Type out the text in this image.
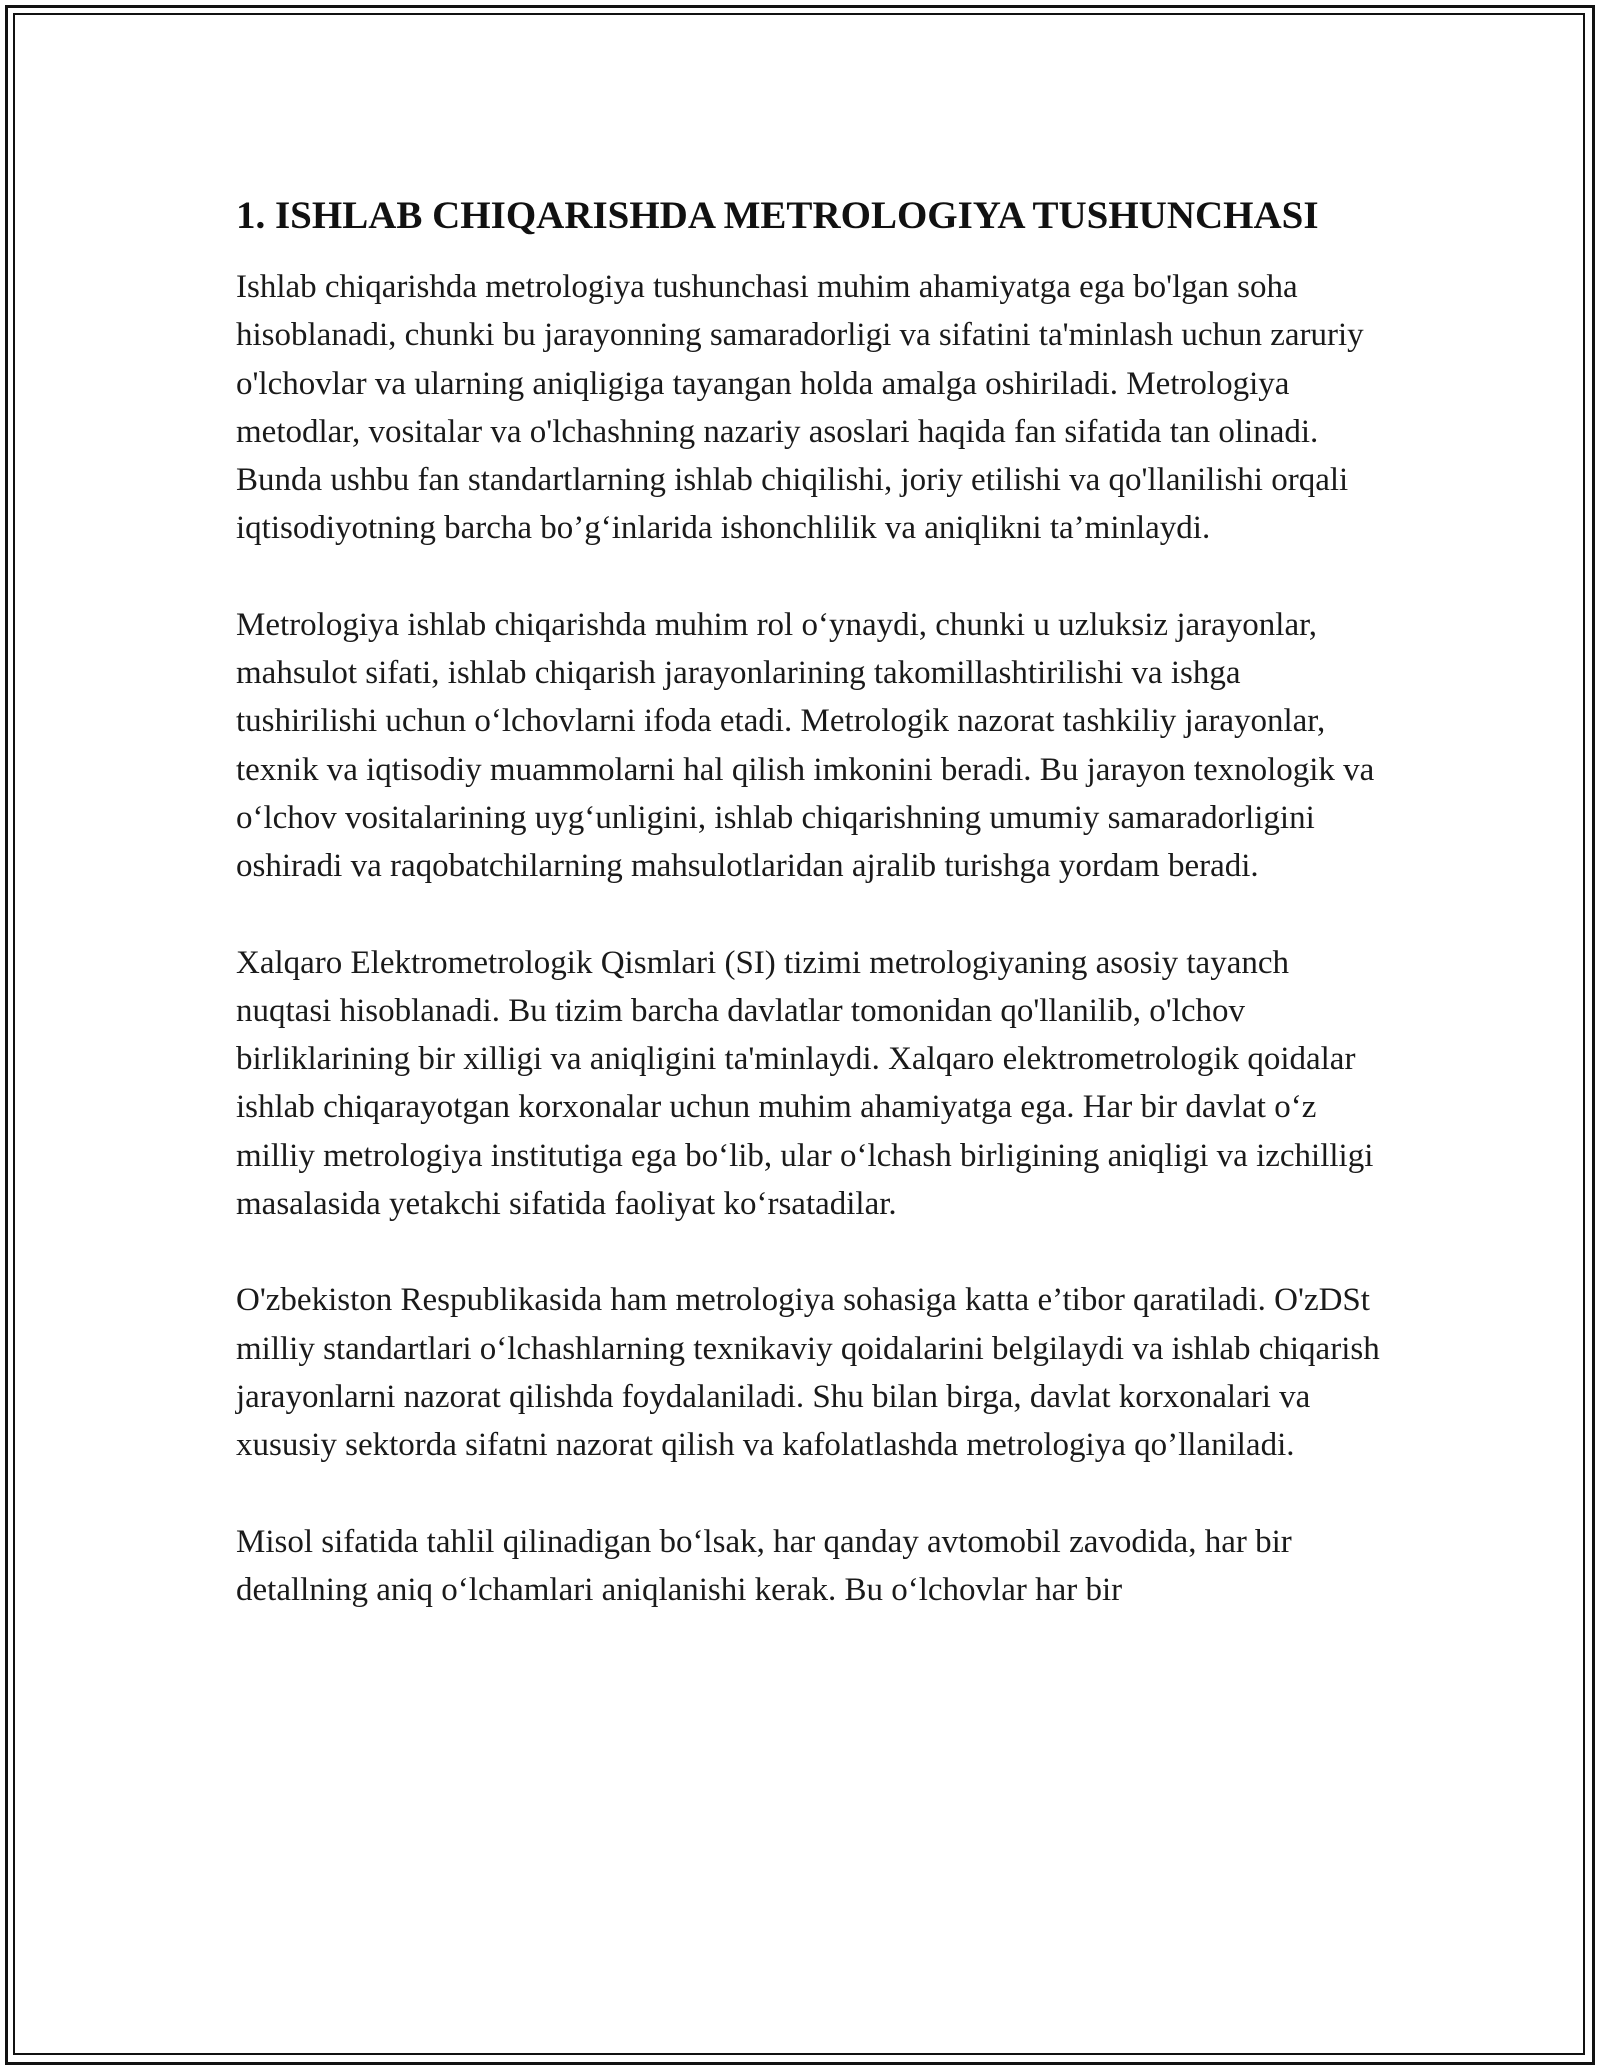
1. ISHLAB CHIQARISHDA METROLOGIYA TUSHUNCHASI

Ishlab chiqarishda metrologiya tushunchasi muhim ahamiyatga ega bo'lgan soha hisoblanadi, chunki bu jarayonning samaradorligi va sifatini ta'minlash uchun zaruriy o'lchovlar va ularning aniqligiga tayangan holda amalga oshiriladi. Metrologiya metodlar, vositalar va o'lchashning nazariy asoslari haqida fan sifatida tan olinadi. Bunda ushbu fan standartlarning ishlab chiqilishi, joriy etilishi va qo'llanilishi orqali iqtisodiyotning barcha bo’g‘inlarida ishonchlilik va aniqlikni ta’minlaydi.

Metrologiya ishlab chiqarishda muhim rol o‘ynaydi, chunki u uzluksiz jarayonlar, mahsulot sifati, ishlab chiqarish jarayonlarining takomillashtirilishi va ishga tushirilishi uchun o‘lchovlarni ifoda etadi. Metrologik nazorat tashkiliy jarayonlar, texnik va iqtisodiy muammolarni hal qilish imkonini beradi. Bu jarayon texnologik va o‘lchov vositalarining uyg‘unligini, ishlab chiqarishning umumiy samaradorligini oshiradi va raqobatchilarning mahsulotlaridan ajralib turishga yordam beradi.

Xalqaro Elektrometrologik Qismlari (SI) tizimi metrologiyaning asosiy tayanch nuqtasi hisoblanadi. Bu tizim barcha davlatlar tomonidan qo'llanilib, o'lchov birliklarining bir xilligi va aniqligini ta'minlaydi. Xalqaro elektrometrologik qoidalar ishlab chiqarayotgan korxonalar uchun muhim ahamiyatga ega. Har bir davlat o‘z milliy metrologiya institutiga ega bo‘lib, ular o‘lchash birligining aniqligi va izchilligi masalasida yetakchi sifatida faoliyat ko‘rsatadilar.

O'zbekiston Respublikasida ham metrologiya sohasiga katta e’tibor qaratiladi. O'zDSt milliy standartlari o‘lchashlarning texnikaviy qoidalarini belgilaydi va ishlab chiqarish jarayonlarni nazorat qilishda foydalaniladi. Shu bilan birga, davlat korxonalari va xususiy sektorda sifatni nazorat qilish va kafolatlashda metrologiya qo’llaniladi.

Misol sifatida tahlil qilinadigan bo‘lsak, har qanday avtomobil zavodida, har bir detallning aniq o‘lchamlari aniqlanishi kerak. Bu o‘lchovlar har bir
